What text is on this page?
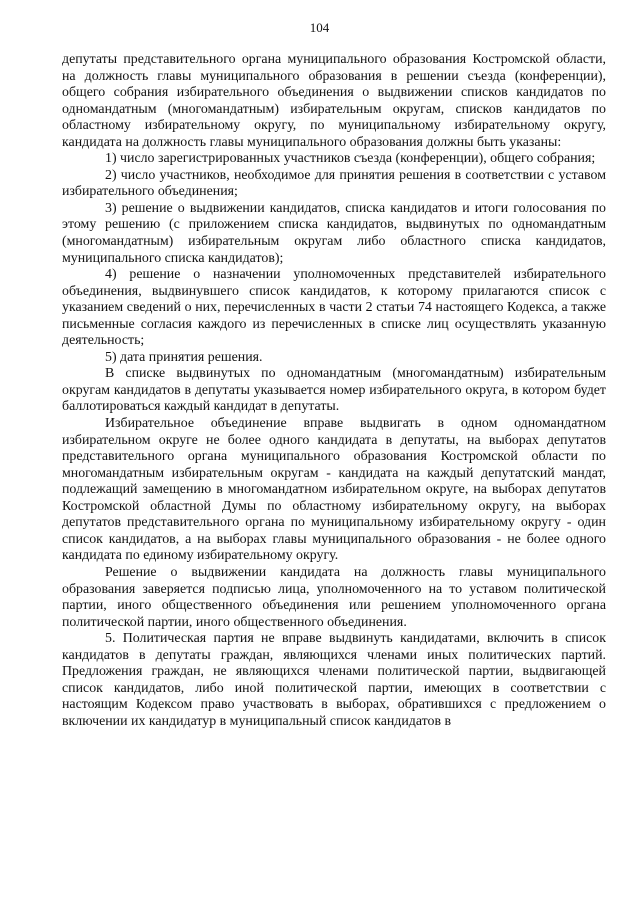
104

депутаты представительного органа муниципального образования Костромской области, на должность главы муниципального образования в решении съезда (конференции), общего собрания избирательного объединения о выдвижении списков кандидатов по одномандатным (многомандатным) избирательным округам, списков кандидатов по областному избирательному округу, по муниципальному избирательному округу, кандидата на должность главы муниципального образования должны быть указаны:

1) число зарегистрированных участников съезда (конференции), общего собрания;

2) число участников, необходимое для принятия решения в соответствии с уставом избирательного объединения;

3) решение о выдвижении кандидатов, списка кандидатов и итоги голосования по этому решению (с приложением списка кандидатов, выдвинутых по одномандатным (многомандатным) избирательным округам либо областного списка кандидатов, муниципального списка кандидатов);

4) решение о назначении уполномоченных представителей избирательного объединения, выдвинувшего список кандидатов, к которому прилагаются список с указанием сведений о них, перечисленных в части 2 статьи 74 настоящего Кодекса, а также письменные согласия каждого из перечисленных в списке лиц осуществлять указанную деятельность;

5) дата принятия решения.

В списке выдвинутых по одномандатным (многомандатным) избирательным округам кандидатов в депутаты указывается номер избирательного округа, в котором будет баллотироваться каждый кандидат в депутаты.

Избирательное объединение вправе выдвигать в одном одномандатном избирательном округе не более одного кандидата в депутаты, на выборах депутатов представительного органа муниципального образования Костромской области по многомандатным избирательным округам - кандидата на каждый депутатский мандат, подлежащий замещению в многомандатном избирательном округе, на выборах депутатов Костромской областной Думы по областному избирательному округу, на выборах депутатов представительного органа по муниципальному избирательному округу - один список кандидатов, а на выборах главы муниципального образования - не более одного кандидата по единому избирательному округу.

Решение о выдвижении кандидата на должность главы муниципального образования заверяется подписью лица, уполномоченного на то уставом политической партии, иного общественного объединения или решением уполномоченного органа политической партии, иного общественного объединения.

5. Политическая партия не вправе выдвинуть кандидатами, включить в список кандидатов в депутаты граждан, являющихся членами иных политических партий. Предложения граждан, не являющихся членами политической партии, выдвигающей список кандидатов, либо иной политической партии, имеющих в соответствии с настоящим Кодексом право участвовать в выборах, обратившихся с предложением о включении их кандидатур в муниципальный список кандидатов в
